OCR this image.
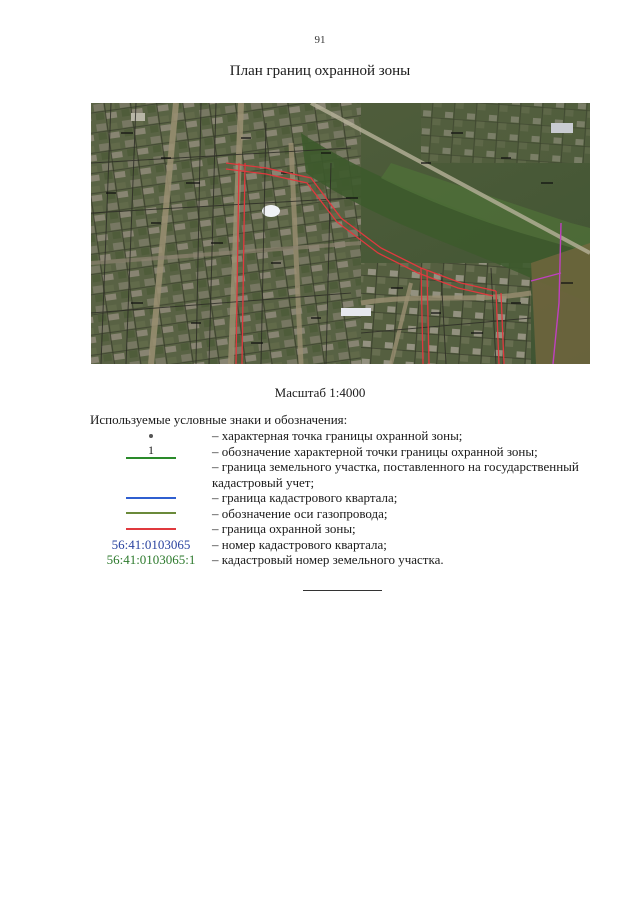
91
План границ охранной зоны
Масштаб 1:4000
Используемые условные знаки и обозначения:
– характерная точка границы охранной зоны;
1	– обозначение характерной точки границы охранной зоны;
– граница земельного участка, поставленного на государственный кадастровый учет;
– граница кадастрового квартала;
– обозначение оси газопровода;
– граница охранной зоны;
56:41:0103065 – номер кадастрового квартала;
56:41:0103065:1 – кадастровый номер земельного участка.
